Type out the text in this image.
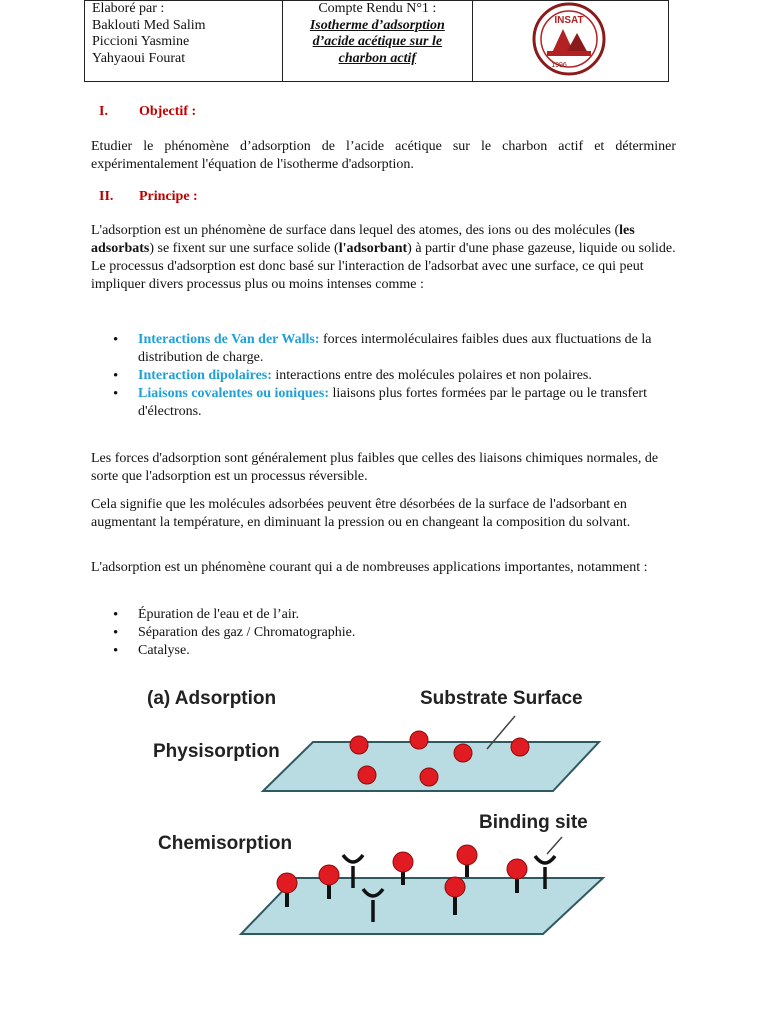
Elaboré par :
Baklouti Med Salim
Piccioni Yasmine
Yahyaoui Fourat

Compte Rendu N°1 :
Isotherme d’adsorption
d’acide acétique sur le
charbon actif

INSAT
1996
I. Objectif :

Etudier le phénomène d’adsorption de l’acide acétique sur le charbon actif et déterminer expérimentalement l'équation de l'isotherme d'adsorption.

II. Principe :

L'adsorption est un phénomène de surface dans lequel des atomes, des ions ou des molécules (les adsorbats) se fixent sur une surface solide (l'adsorbant) à partir d'une phase gazeuse, liquide ou solide. Le processus d'adsorption est donc basé sur l'interaction de l'adsorbat avec une surface, ce qui peut impliquer divers processus plus ou moins intenses comme :

• Interactions de Van der Walls: forces intermoléculaires faibles dues aux fluctuations de la distribution de charge.
• Interaction dipolaires: interactions entre des molécules polaires et non polaires.
• Liaisons covalentes ou ioniques: liaisons plus fortes formées par le partage ou le transfert d'électrons.

Les forces d'adsorption sont généralement plus faibles que celles des liaisons chimiques normales, de sorte que l'adsorption est un processus réversible.

Cela signifie que les molécules adsorbées peuvent être désorbées de la surface de l'adsorbant en augmentant la température, en diminuant la pression ou en changeant la composition du solvant.

L'adsorption est un phénomène courant qui a de nombreuses applications importantes, notamment :

• Épuration de l'eau et de l’air.
• Séparation des gaz / Chromatographie.
• Catalyse.
(a) Adsorption	Substrate Surface
Physisorption
Binding site
Chemisorption
